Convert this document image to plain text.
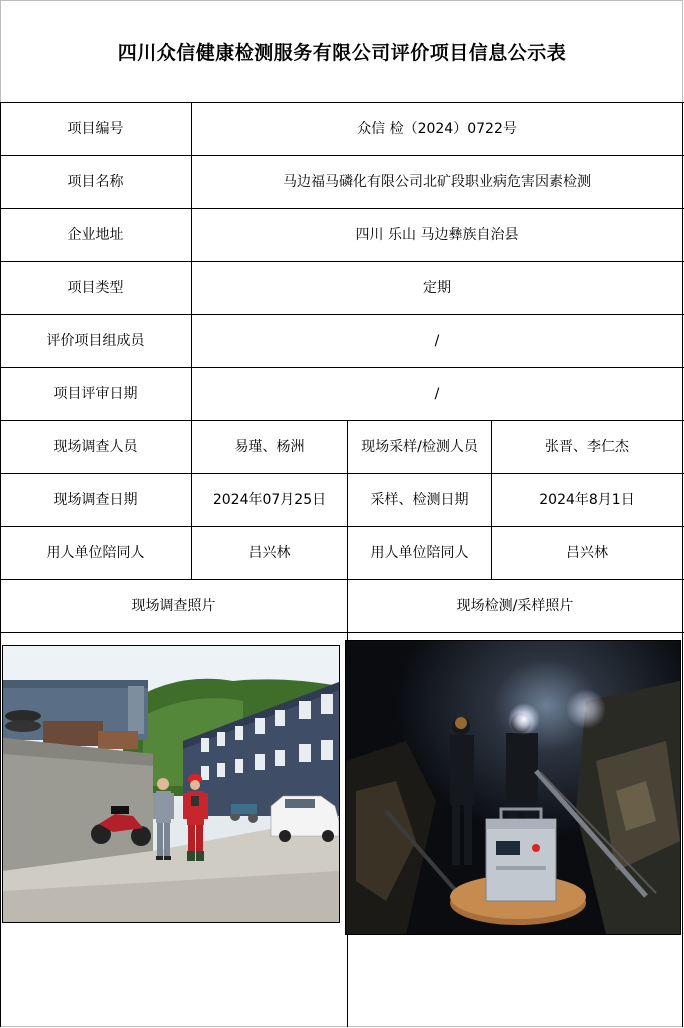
四川众信健康检测服务有限公司评价项目信息公示表
项目编号	众信 检（2024）0722号
项目名称	马边福马磷化有限公司北矿段职业病危害因素检测
企业地址	四川 乐山 马边彝族自治县
项目类型	定期
评价项目组成员	/
项目评审日期	/
现场调查人员	易瑾、杨洲	现场采样/检测人员	张晋、李仁杰
现场调查日期	2024年07月25日	采样、检测日期	2024年8月1日
用人单位陪同人	吕兴林	用人单位陪同人	吕兴林
现场调查照片	现场检测/采样照片
